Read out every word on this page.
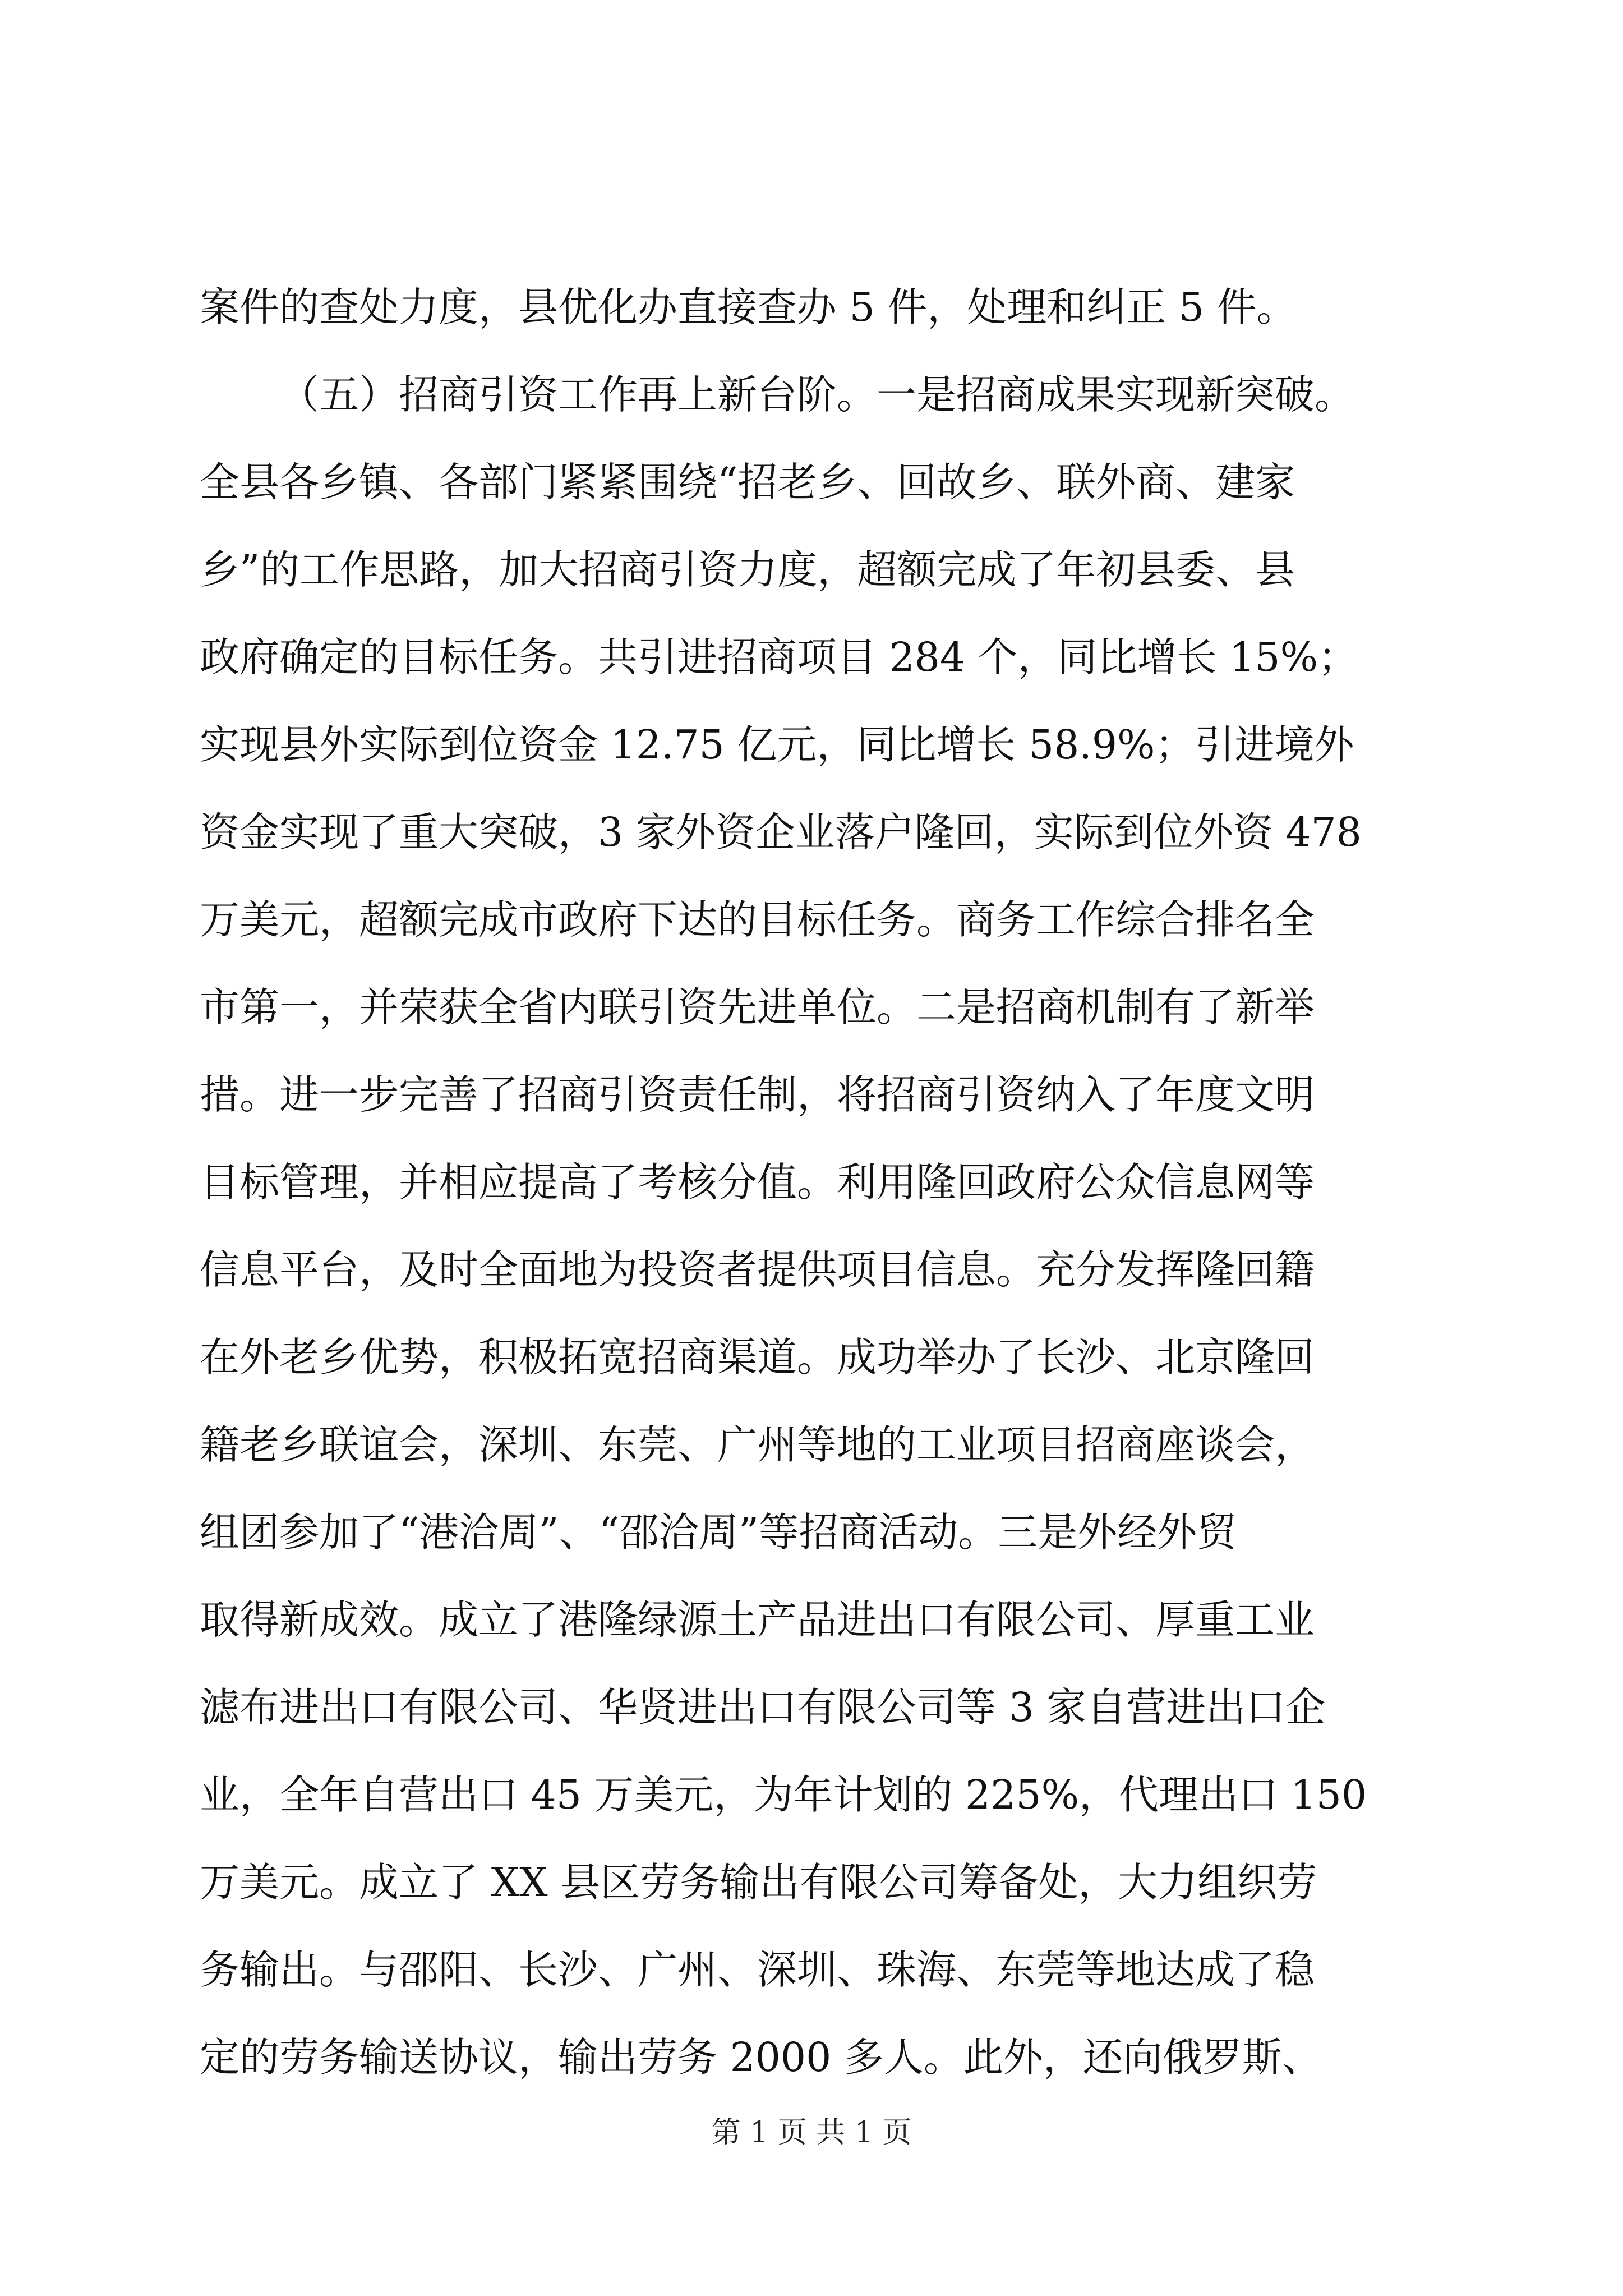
案件的查处力度，县优化办直接查办 5 件，处理和纠正 5 件。
（五）招商引资工作再上新台阶。一是招商成果实现新突破。
全县各乡镇、各部门紧紧围绕“招老乡、回故乡、联外商、建家
乡”的工作思路，加大招商引资力度，超额完成了年初县委、县
政府确定的目标任务。共引进招商项目 284 个，同比增长 15%；
实现县外实际到位资金 12.75 亿元，同比增长 58.9%；引进境外
资金实现了重大突破，3 家外资企业落户隆回，实际到位外资 478
万美元，超额完成市政府下达的目标任务。商务工作综合排名全
市第一，并荣获全省内联引资先进单位。二是招商机制有了新举
措。进一步完善了招商引资责任制，将招商引资纳入了年度文明
目标管理，并相应提高了考核分值。利用隆回政府公众信息网等
信息平台，及时全面地为投资者提供项目信息。充分发挥隆回籍
在外老乡优势，积极拓宽招商渠道。成功举办了长沙、北京隆回
籍老乡联谊会，深圳、东莞、广州等地的工业项目招商座谈会，
组团参加了“港洽周”、“邵洽周”等招商活动。三是外经外贸
取得新成效。成立了港隆绿源土产品进出口有限公司、厚重工业
滤布进出口有限公司、华贤进出口有限公司等 3 家自营进出口企
业，全年自营出口 45 万美元，为年计划的 225%，代理出口 150
万美元。成立了 XX 县区劳务输出有限公司筹备处，大力组织劳
务输出。与邵阳、长沙、广州、深圳、珠海、东莞等地达成了稳
定的劳务输送协议，输出劳务 2000 多人。此外，还向俄罗斯、
第 1 页 共 1 页
